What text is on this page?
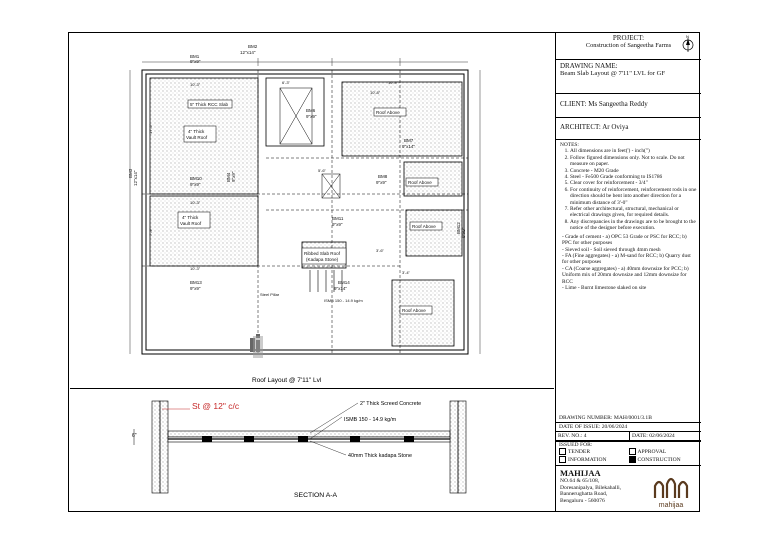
BM2
12"x14"
BM1
9"x9"
BM3 12"x14"	BM4 9"x9"
BM6
9"x9"
BM7
9"x14"
BM8
9"x9"
BM10
9"x9"
BM11
9"x9"	BM12 9"x9"
BM13
9"x9"
BM14
9"x14"
5" Thick RCC Slab
4" Thick
Vault Roof
4" Thick
Vault Roof
Roof Above
Roof Above
Roof Above
Roof Above
Ribbed Slab Roof
(Kadapa Stone)
ISMB 150 - 14.9 kg/m
Steel Pillar
10'-3"	6'-3"	10'-9"
10'-3"
10'-3"
17'-5"
7'-9"
5'-6"
3'-6"
3'-4"
10'-8"
Roof Layout @ 7'11" Lvl
6"
St @ 12" c/c	2" Thick Screed Concrete
ISMB 150 - 14.9 kg/m
40mm Thick kadapa Stone
SECTION A-A
PROJECT:
Construction of Sangeetha Farms
N
DRAWING NAME:
Beam Slab Layout @ 7'11" LVL for GF
CLIENT: Ms Sangeetha Reddy
ARCHITECT: Ar Oviya
NOTES:
1. All dimensions are in feet(') - inch(")
2. Follow figured dimensions only. Not to scale. Do not measure on paper.
3. Concrete - M20 Grade
4. Steel - Fe500 Grade conforming to IS1786
5. Clear cover for reinforcement - 3/4"
6. For continuity of reinforcement, reinforcement rods in one direction should be bent into another direction for a minimum distance of 3'-0"
7. Refer other architectural, structural, mechanical or electrical drawings given, for required details.
8. Any discrepancies in the drawings are to be brought to the notice of the designer before execution.
- Grade of cement - a) OPC 53 Grade or PSC for RCC; b) PPC for other purposes
- Sieved soil - Soil sieved through 4mm mesh
- FA (Fine aggregates) - a) M-sand for RCC; b) Quarry dust for other purposes
- CA (Coarse aggregates) - a) 40mm downsize for PCC; b) Uniform mix of 20mm downsize and 12mm downsize for RCC
- Lime - Burnt limestone slaked on site
DRAWING NUMBER: MAH/0001/3.1B
DATE OF ISSUE: 20/06/2024
REV. NO.: 4	DATE: 02/06/2024
ISSUED FOR:
TENDER	APPROVAL
INFORMATION	CONSTRUCTION
MAHIJAA
NO.64 & 65/108,
Doresanipalya, Bilekahalli,
Bannerughatta Road,
Bengaluru - 560076
mahijaa
